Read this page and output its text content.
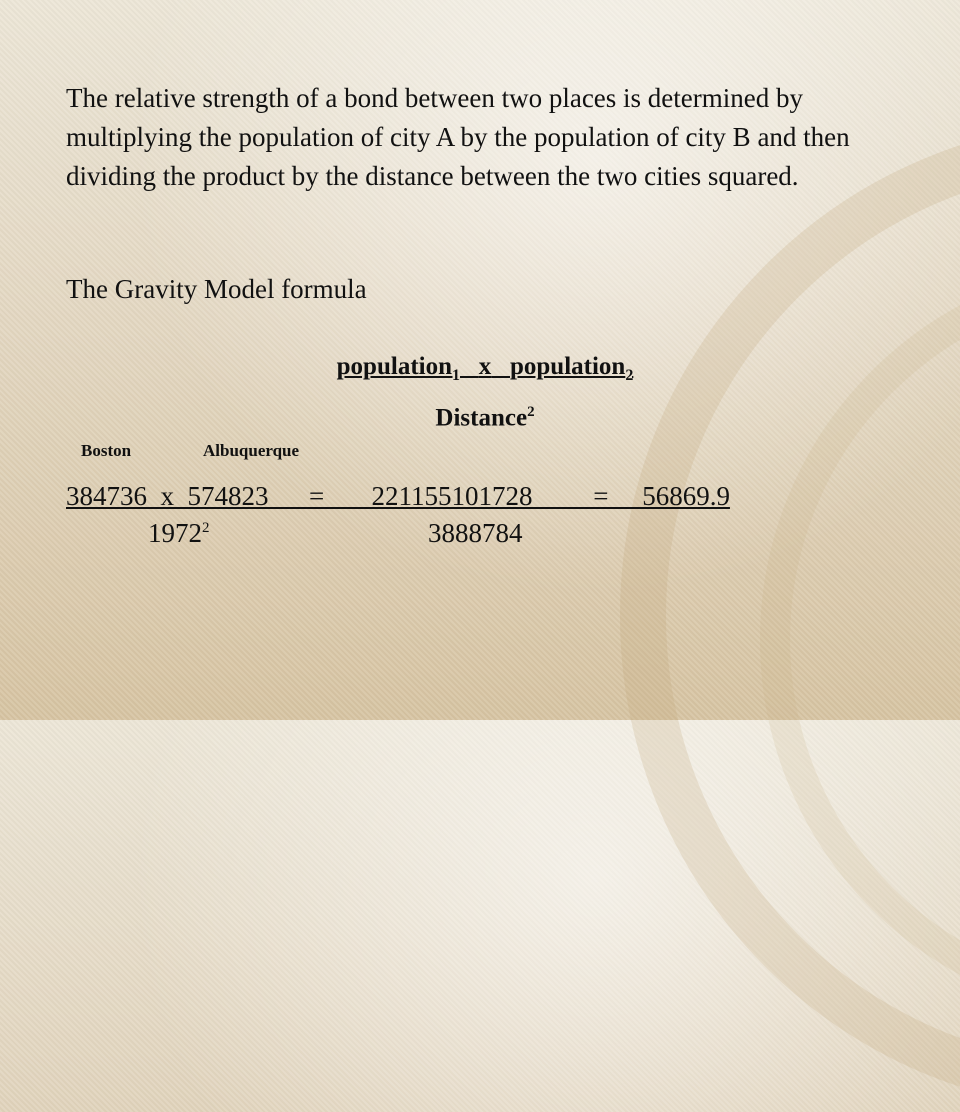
The relative strength of a bond between two places is determined by multiplying the population of city A by the population of city B and then dividing the product by the distance between the two cities squared.
The Gravity Model formula
population$_1$ x population$_2$
Distance$^2$
Boston	Albuquerque
384736  x  574823      =       221155101728         =     56869.9
1972$^2$	3888784
